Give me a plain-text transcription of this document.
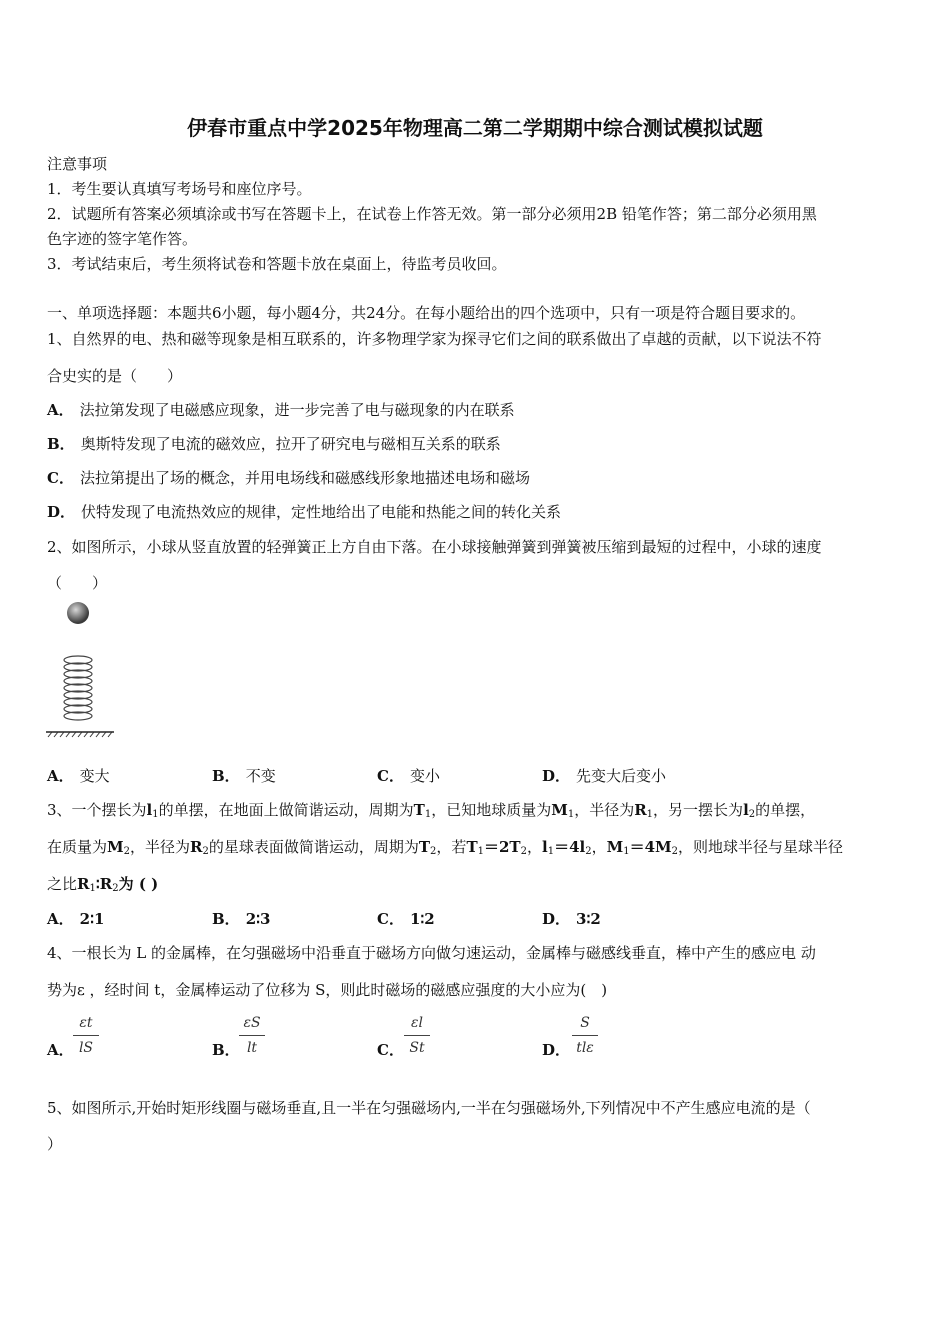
伊春市重点中学2025年物理高二第二学期期中综合测试模拟试题
注意事项
1．考生要认真填写考场号和座位序号。
2．试题所有答案必须填涂或书写在答题卡上，在试卷上作答无效。第一部分必须用2B 铅笔作答；第二部分必须用黑
色字迹的签字笔作答。
3．考试结束后，考生须将试卷和答题卡放在桌面上，待监考员收回。
一、单项选择题：本题共6小题，每小题4分，共24分。在每小题给出的四个选项中，只有一项是符合题目要求的。
1、自然界的电、热和磁等现象是相互联系的，许多物理学家为探寻它们之间的联系做出了卓越的贡献，以下说法不符
合史实的是（　　）
A． 法拉第发现了电磁感应现象，进一步完善了电与磁现象的内在联系
B． 奥斯特发现了电流的磁效应，拉开了研究电与磁相互关系的联系
C． 法拉第提出了场的概念，并用电场线和磁感线形象地描述电场和磁场
D． 伏特发现了电流热效应的规律，定性地给出了电能和热能之间的转化关系
2、如图所示，小球从竖直放置的轻弹簧正上方自由下落。在小球接触弹簧到弹簧被压缩到最短的过程中，小球的速度
（　　）
A． 变大	B． 不变	C． 变小	D． 先变大后变小
3、一个摆长为$l_1$的单摆，在地面上做简谐运动，周期为$T_1$，已知地球质量为$M_1$，半径为$R_1$，另一摆长为$l_2$的单摆，
在质量为$M_2$，半径为$R_2$的星球表面做简谐运动，周期为$T_2$，若$T_1=2T_2$，$l_1=4l_2$，$M_1=4M_2$，则地球半径与星球半径
之比$R_1∶R_2$为 ( )
A． 2∶1	B． 2∶3	C． 1∶2	D． 3∶2
4、一根长为 L 的金属棒，在匀强磁场中沿垂直于磁场方向做匀速运动，金属棒与磁感线垂直，棒中产生的感应电 动
势为ε ，经时间 t，金属棒运动了位移为 S，则此时磁场的磁感应强度的大小应为(　)
A．
εt
lS	B．
εS
lt	C．
εl
St	D．
S
tlε
5、如图所示,开始时矩形线圈与磁场垂直,且一半在匀强磁场内,一半在匀强磁场外,下列情况中不产生感应电流的是（
）
